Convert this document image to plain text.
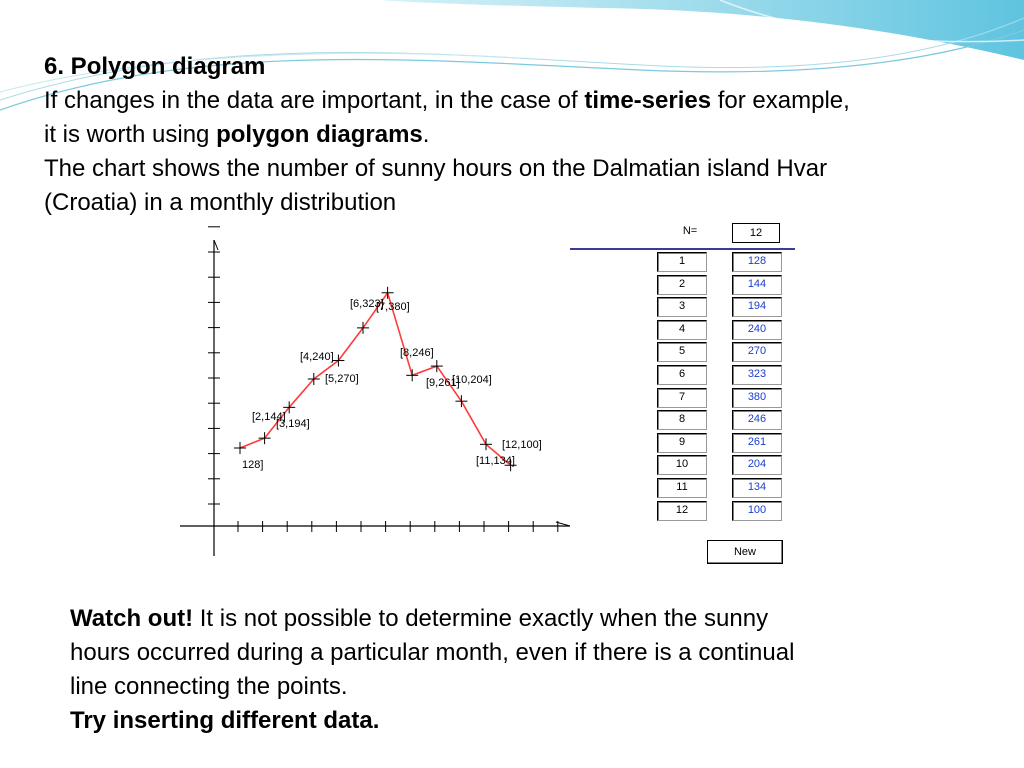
6. Polygon diagram

If changes in the data are important, in the case of time-series for example,

it is worth using polygon diagrams.

The chart shows the number of sunny hours on the Dalmatian island Hvar

(Croatia) in a monthly distribution

128]
[2,144]
[3,194]
[4,240]
[5,270]
[6,323]
[7,380]
[8,246]
[9,261]
[10,204]
[11,134]
[12,100]
N=	12
1	128
2	144
3	194
4	240
5	270
6	323
7	380
8	246
9	261
10	204
11	134
12	100
New

Watch out! It is not possible to determine exactly when the sunny

hours occurred during a particular month, even if there is a continual

line connecting the points.

Try inserting different data.
